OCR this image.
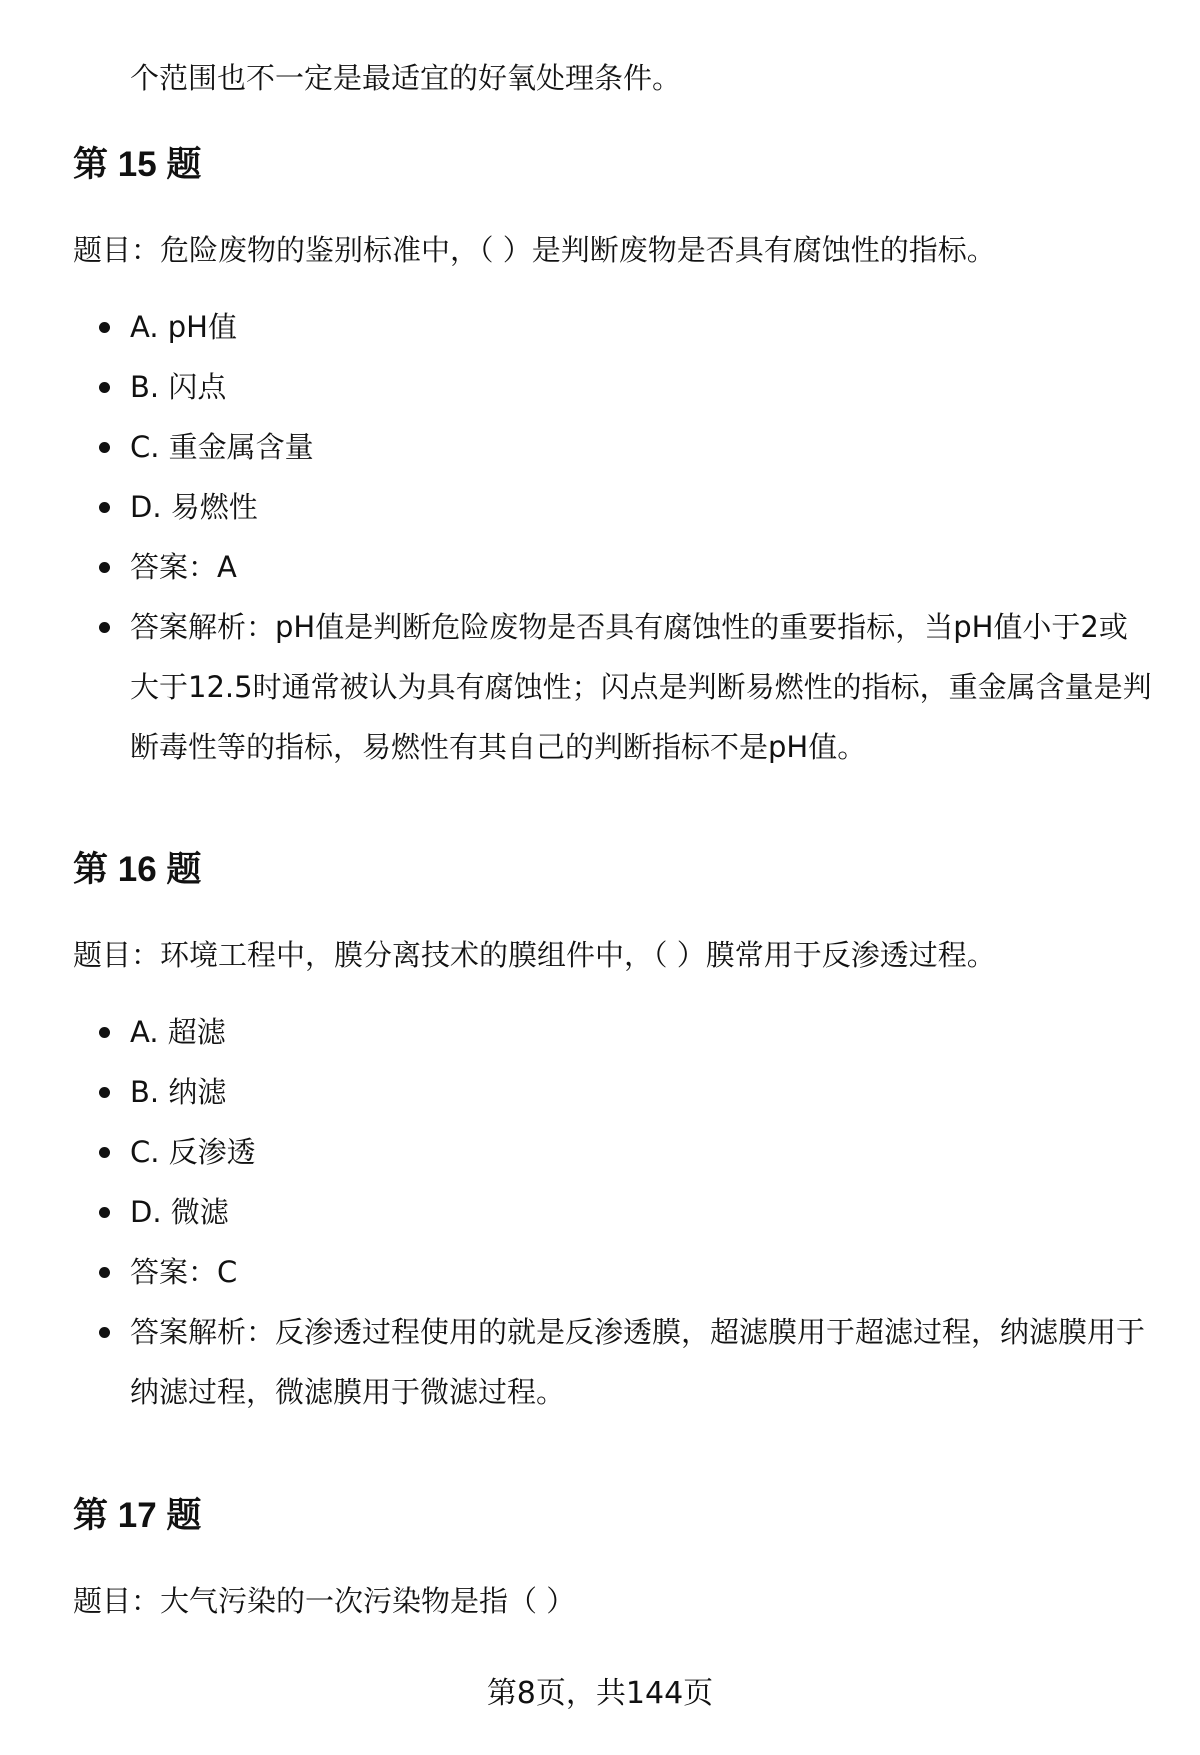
个范围也不一定是最适宜的好氧处理条件。
第 15 题

题目：危险废物的鉴别标准中，（ ）是判断废物是否具有腐蚀性的指标。

A. pH值
B. 闪点
C. 重金属含量
D. 易燃性
答案：A
答案解析：pH值是判断危险废物是否具有腐蚀性的重要指标，当pH值小于2或大于12.5时通常被认为具有腐蚀性；闪点是判断易燃性的指标，重金属含量是判断毒性等的指标，易燃性有其自己的判断指标不是pH值。
第 16 题

题目：环境工程中，膜分离技术的膜组件中，（ ）膜常用于反渗透过程。

A. 超滤
B. 纳滤
C. 反渗透
D. 微滤
答案：C
答案解析：反渗透过程使用的就是反渗透膜，超滤膜用于超滤过程，纳滤膜用于纳滤过程，微滤膜用于微滤过程。
第 17 题

题目：大气污染的一次污染物是指（ ）

第8页，共144页
